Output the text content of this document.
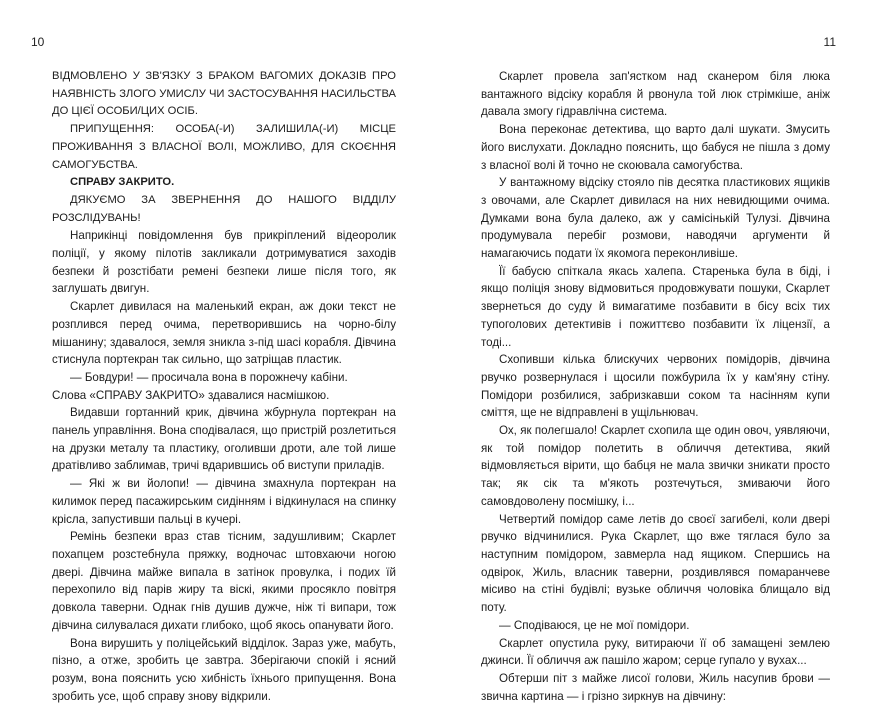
10

ВІДМОВЛЕНО У ЗВ'ЯЗКУ З БРАКОМ ВАГОМИХ ДОКАЗІВ ПРО НАЯВНІСТЬ ЗЛОГО УМИСЛУ ЧИ ЗАСТОСУВАННЯ НАСИЛЬСТВА ДО ЦІЄЇ ОСОБИ/ЦИХ ОСІБ.

ПРИПУЩЕННЯ: ОСОБА(-И) ЗАЛИШИЛА(-И) МІСЦЕ ПРОЖИВАННЯ З ВЛАСНОЇ ВОЛІ, МОЖЛИВО, ДЛЯ СКОЄННЯ САМОГУБСТВА.

СПРАВУ ЗАКРИТО.

ДЯКУЄМО ЗА ЗВЕРНЕННЯ ДО НАШОГО ВІДДІЛУ РОЗСЛІДУВАНЬ!

Наприкінці повідомлення був прикріплений відеоролик поліції, у якому пілотів закликали дотримуватися заходів безпеки й розстібати ремені безпеки лише після того, як заглушать двигун.

Скарлет дивилася на маленький екран, аж доки текст не розплився перед очима, перетворившись на чорно-білу мішанину; здавалося, земля зникла з-під шасі корабля. Дівчина стиснула портекран так сильно, що затріщав пластик.

— Бовдури! — просичала вона в порожнечу кабіни.

Слова «СПРАВУ ЗАКРИТО» здавалися насмішкою.

Видавши гортанний крик, дівчина жбурнула портекран на панель управління. Вона сподівалася, що пристрій розлетиться на друзки металу та пластику, оголивши дроти, але той лише дратівливо заблимав, тричі вдарившись об виступи приладів.

— Які ж ви йолопи! — дівчина змахнула портекран на килимок перед пасажирським сидінням і відкинулася на спинку крісла, запустивши пальці в кучері.

Ремінь безпеки враз став тісним, задушливим; Скарлет похапцем розстебнула пряжку, водночас штовхаючи ногою двері. Дівчина майже випала в затінок провулка, і подих їй перехопило від парів жиру та віскі, якими просякло повітря довкола таверни. Однак гнів душив дужче, ніж ті випари, тож дівчина силувалася дихати глибоко, щоб якось опанувати його.

Вона вирушить у поліцейський відділок. Зараз уже, мабуть, пізно, а отже, зробить це завтра. Зберігаючи спокій і ясний розум, вона пояснить усю хибність їхнього припущення. Вона зробить усе, щоб справу знову відкрили.

11

Скарлет провела зап'ястком над сканером біля люка вантажного відсіку корабля й рвонула той люк стрімкіше, аніж давала змогу гідравлічна система.

Вона переконає детектива, що варто далі шукати. Змусить його вислухати. Докладно пояснить, що бабуся не пішла з дому з власної волі й точно не скоювала самогубства.

У вантажному відсіку стояло пів десятка пластикових ящиків з овочами, але Скарлет дивилася на них невидющими очима. Думками вона була далеко, аж у самісінькій Тулузі. Дівчина продумувала перебіг розмови, наводячи аргументи й намагаючись подати їх якомога переконливіше.

Її бабусю спіткала якась халепа. Старенька була в біді, і якщо поліція знову відмовиться продовжувати пошуки, Скарлет звернеться до суду й вимагатиме позбавити в бісу всіх тих тупоголових детективів і пожиттєво позбавити їх ліцензії, а тоді...

Схопивши кілька блискучих червоних помідорів, дівчина рвучко розвернулася і щосили пожбурила їх у кам'яну стіну. Помідори розбилися, забризкавши соком та насінням купи сміття, ще не відправлені в ущільнювач.

Ох, як полегшало! Скарлет схопила ще один овоч, уявляючи, як той помідор полетить в обличчя детектива, який відмовляється вірити, що бабця не мала звички зникати просто так; як сік та м'якоть розтечуться, змиваючи його самовдоволену посмішку, і...

Четвертий помідор саме летів до своєї загибелі, коли двері рвучко відчинилися. Рука Скарлет, що вже тяглася було за наступним помідором, завмерла над ящиком. Спершись на одвірок, Жиль, власник таверни, роздивлявся помаранчеве місиво на стіні будівлі; вузьке обличчя чоловіка блищало від поту.

— Сподіваюся, це не мої помідори.

Скарлет опустила руку, витираючи її об замащені землею джинси. Її обличчя аж пашіло жаром; серце гупало у вухах...

Обтерши піт з майже лисої голови, Жиль насупив брови — звична картина — і грізно зиркнув на дівчину:
